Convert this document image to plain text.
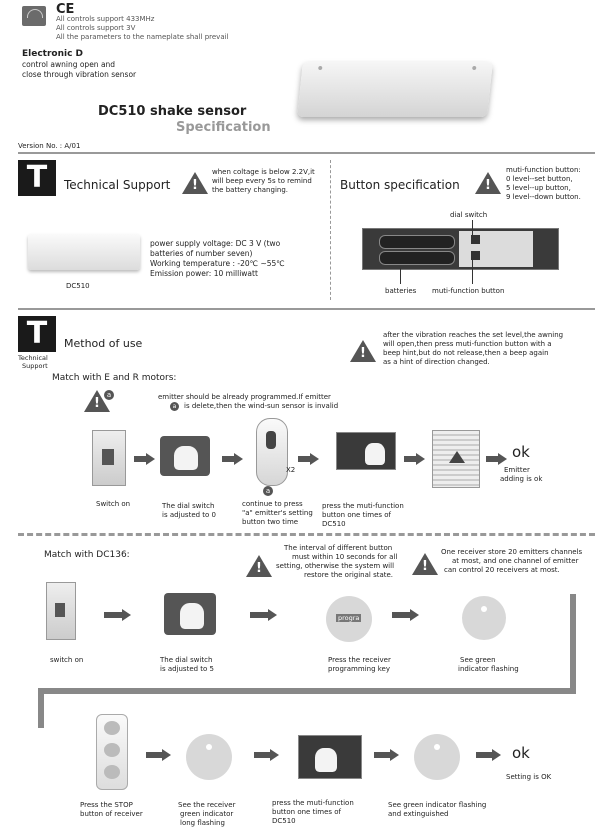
CE
All controls support 433MHz
All controls support 3V
All the parameters to the nameplate shall prevail
Electronic D
control awning open and
close through vibration sensor
DC510 shake sensor
Specification
Version No. : A/01
T	Technical Support !
when coltage is below 2.2V,it
will beep every 5s to remind
the battery changing.
DC510
power supply voltage: DC 3 V (two
batteries of number seven)
Working temperature : -20℃ ~55℃
Emission power: 10 milliwatt
Button specification !
muti-function button:
0 level--set button,
5 level--up button,
9 level--down button.
dial switch
batteries muti-function button
T
Technical
Support
Method of use
!
after the vibration reaches the set level,the awning
will open,then press muti-function button with a
beep hint,but do not release,then a beep again
as a hint of direction changed.
Match with E and R motors:
!
a	emitter should be already programmed.If emitter
a	is delete,then the wind-sun sensor is invalid
X2
a
ok
Emitter
adding is ok
Switch on	The dial switch
is adjusted to 0
continue to press
"a" emitter's setting
button two time
press the muti-function
button one times of
DC510
Match with DC136:
!
The interval of different button
must within 10 seconds for all
setting, otherwise the system will
restore the original state.
!
One receiver store 20 emitters channels
at most, and one channel of emitter
can control 20 receivers at most.
progra
switch on	The dial switch
is adjusted to 5
Press the receiver
programming key
See green
indicator flashing
ok
Press the STOP
button of receiver
See the receiver
green indicator
long flashing
press the muti-function
button one times of
DC510
See green indicator flashing
and extinguished
Setting is OK
